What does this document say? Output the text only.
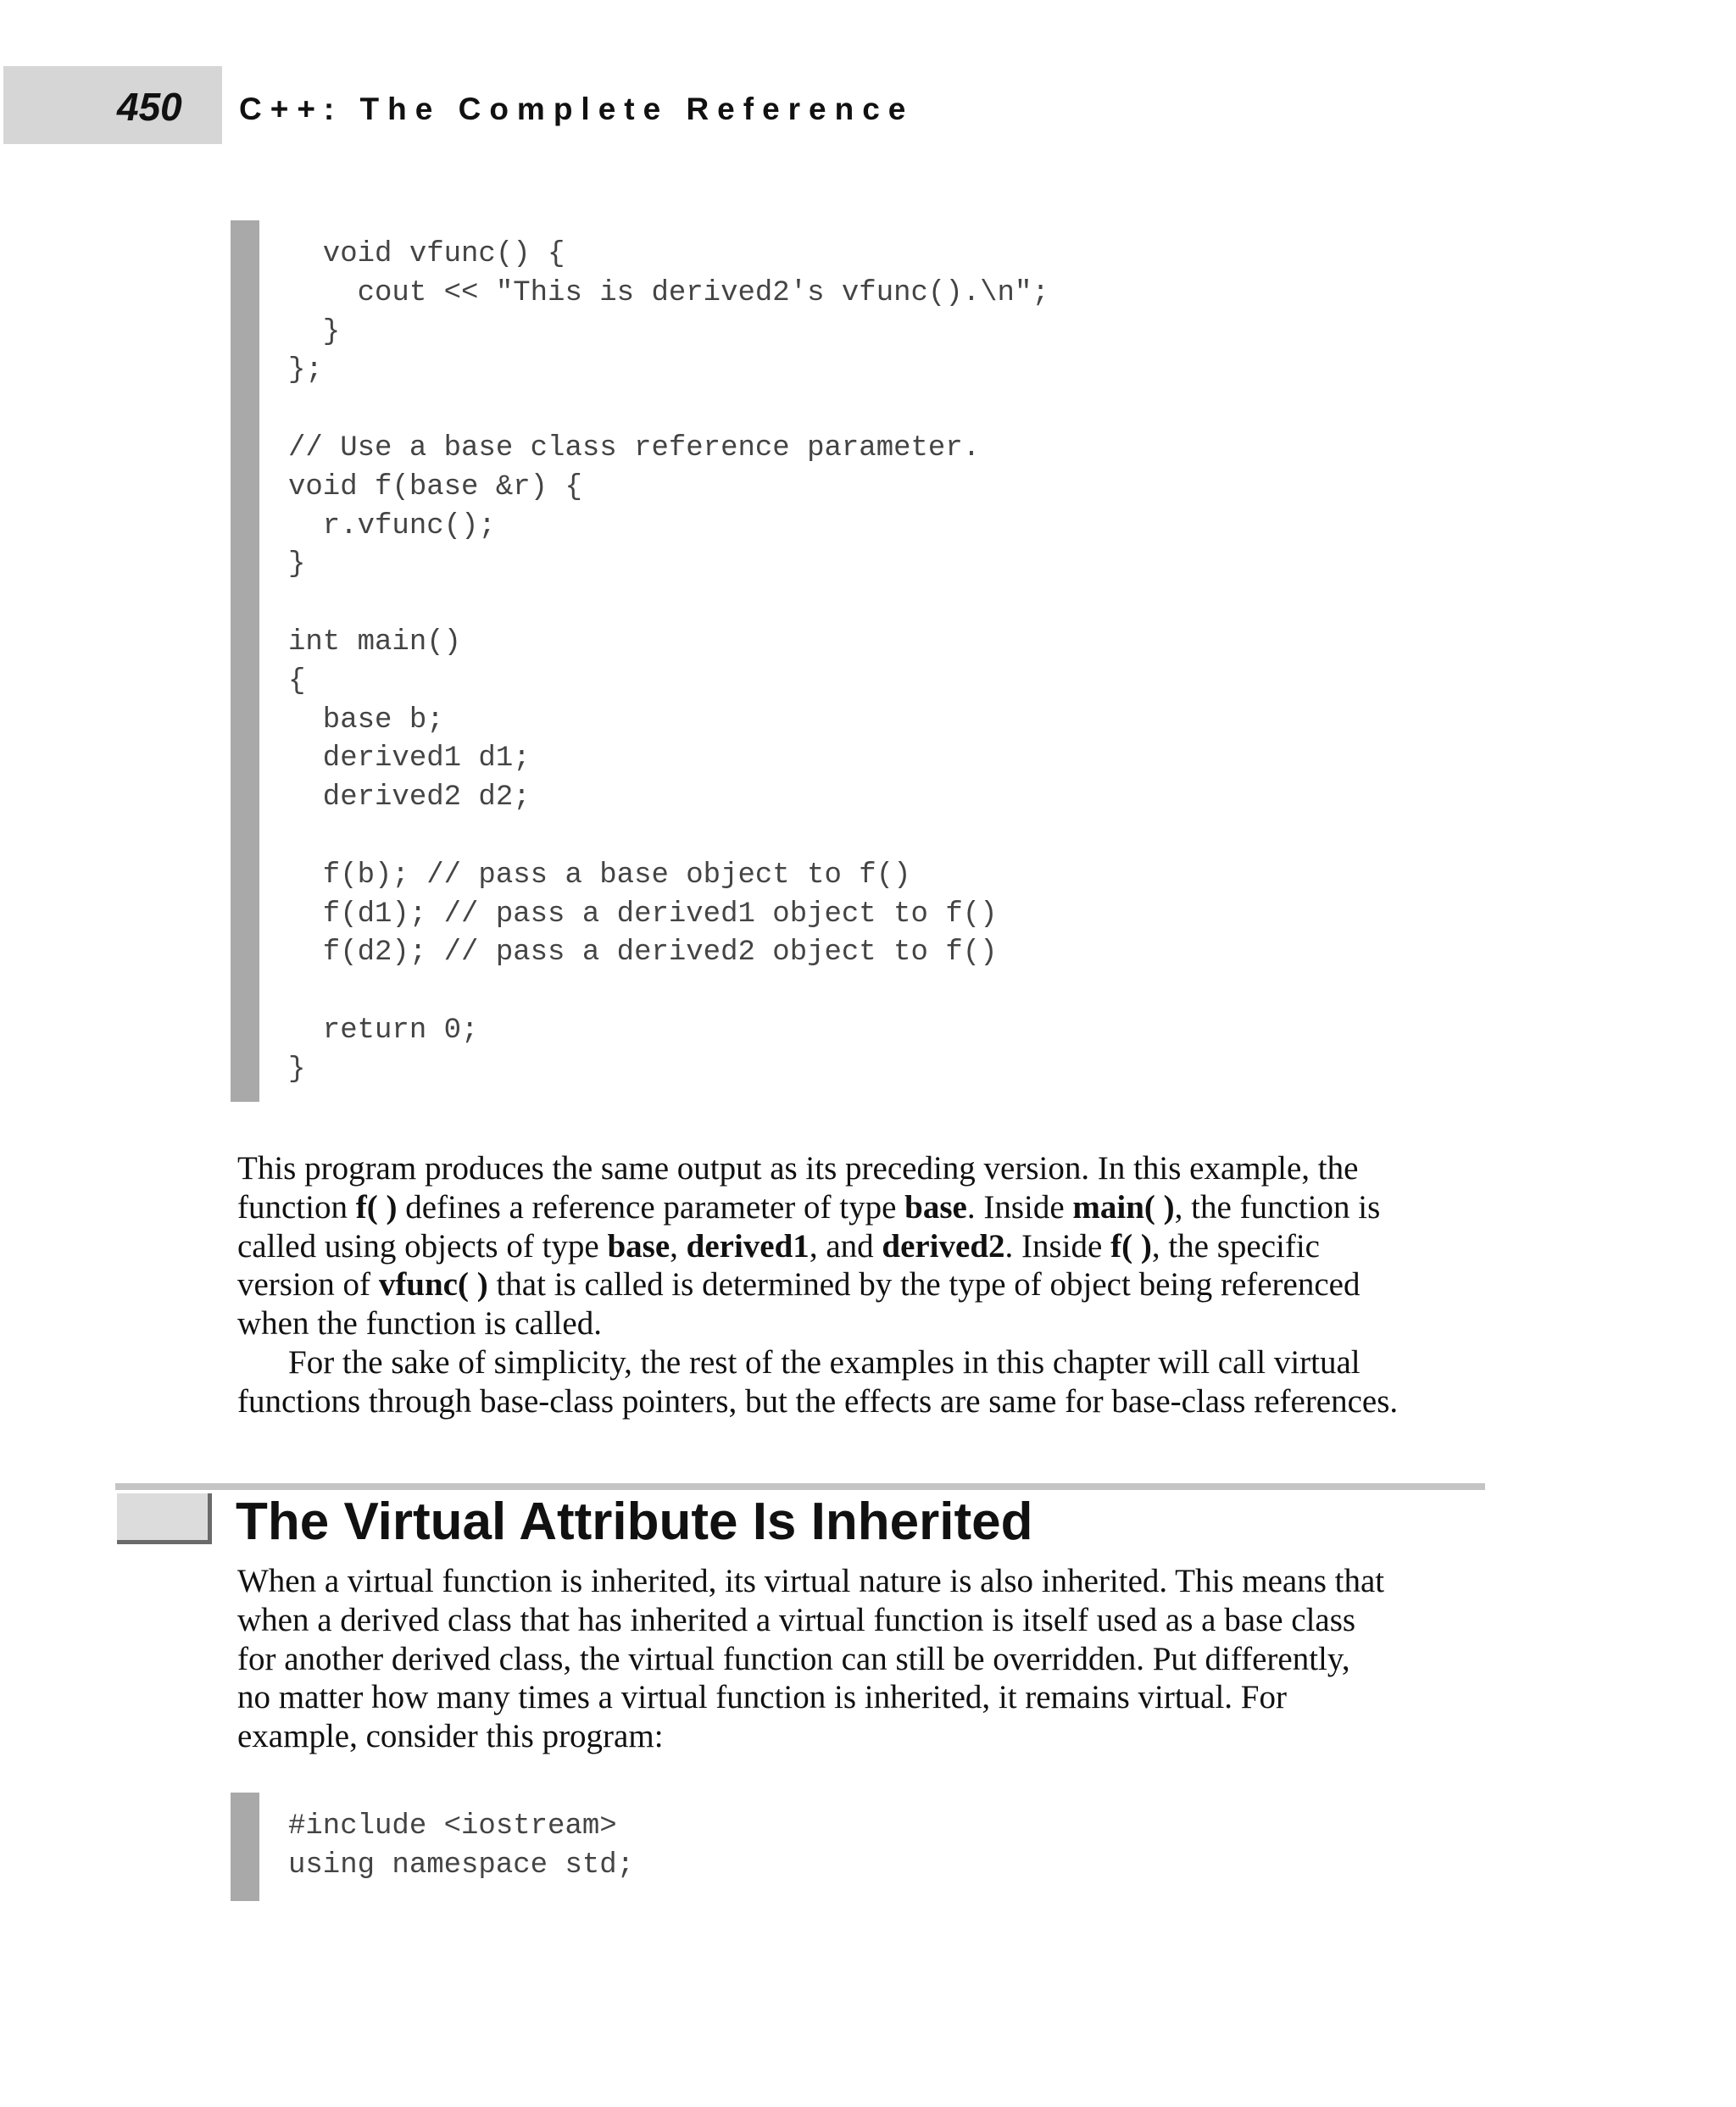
450 C++: The Complete Reference
void vfunc() {
cout << "This is derived2's vfunc().\n";
}
};

// Use a base class reference parameter.
void f(base &r) {
r.vfunc();
}

int main()
{
base b;
derived1 d1;
derived2 d2;

f(b); // pass a base object to f()
f(d1); // pass a derived1 object to f()
f(d2); // pass a derived2 object to f()

return 0;
}
This program produces the same output as its preceding version. In this example, the
function f( ) defines a reference parameter of type base. Inside main( ), the function is
called using objects of type base, derived1, and derived2. Inside f( ), the specific
version of vfunc( ) that is called is determined by the type of object being referenced
when the function is called.
For the sake of simplicity, the rest of the examples in this chapter will call virtual
functions through base-class pointers, but the effects are same for base-class references.
The Virtual Attribute Is Inherited
When a virtual function is inherited, its virtual nature is also inherited. This means that
when a derived class that has inherited a virtual function is itself used as a base class
for another derived class, the virtual function can still be overridden. Put differently,
no matter how many times a virtual function is inherited, it remains virtual. For
example, consider this program:
#include <iostream>
using namespace std;
